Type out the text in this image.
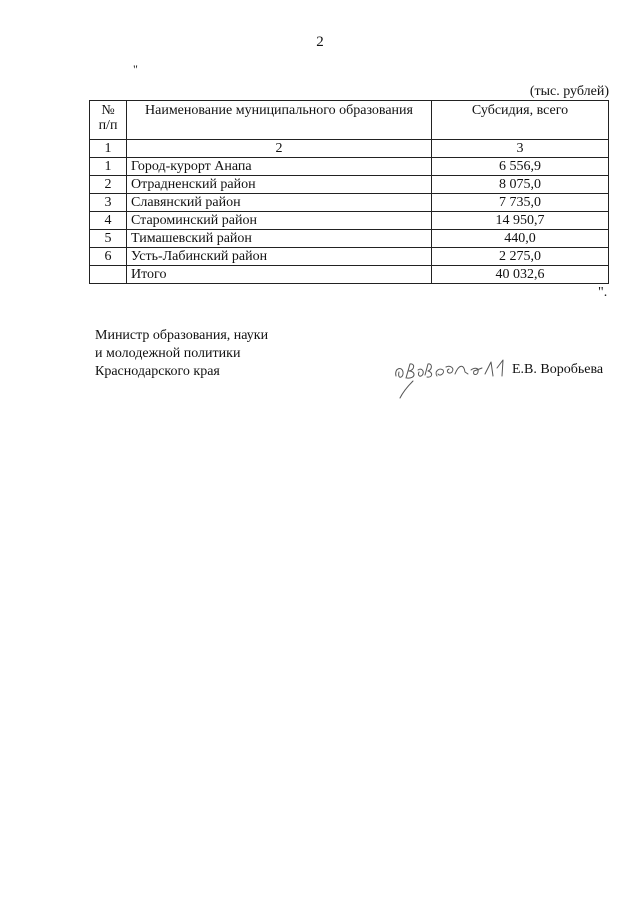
2
"
(тыс. рублей)
№ п/п	Наименование муниципального образования	Субсидия, всего
1	2	3
1	Город-курорт Анапа	6 556,9
2	Отрадненский район	8 075,0
3	Славянский район	7 735,0
4	Староминский район	14 950,7
5	Тимашевский район	440,0
6	Усть-Лабинский район	2 275,0
	Итого	40 032,6
".
Министр образования, науки
и молодежной политики
Краснодарского края	Е.В. Воробьева
